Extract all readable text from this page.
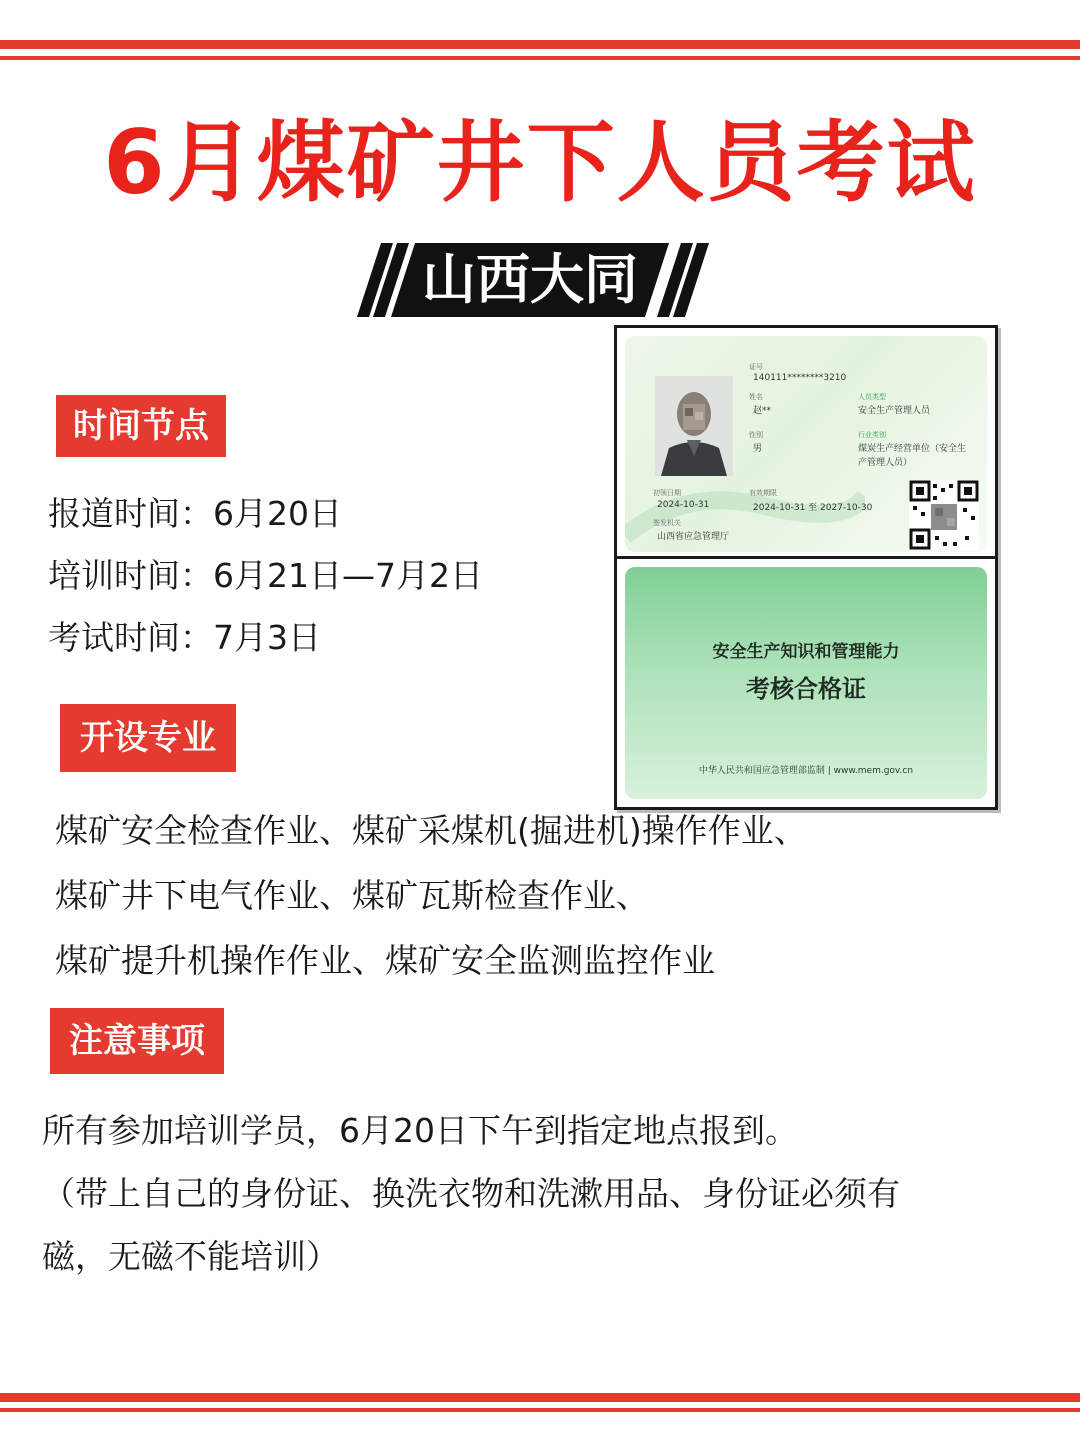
6月煤矿井下人员考试
山西大同
时间节点
报道时间：6月20日
培训时间：6月21日—7月2日
考试时间：7月3日
开设专业
煤矿安全检查作业、煤矿采煤机(掘进机)操作作业、
煤矿井下电气作业、煤矿瓦斯检查作业、
煤矿提升机操作作业、煤矿安全监测监控作业
注意事项
所有参加培训学员，6月20日下午到指定地点报到。
（带上自己的身份证、换洗衣物和洗漱用品、身份证必须有
磁，无磁不能培训）
证号
140111********3210
姓名
赵**
性别
男
人员类型
安全生产管理人员
行业类别
煤炭生产经营单位（安全生
产管理人员）
初领日期
2024-10-31
签发机关
山西省应急管理厅
有效期限
2024-10-31 至 2027-10-30
安全生产知识和管理能力
考核合格证
中华人民共和国应急管理部监制 | www.mem.gov.cn
